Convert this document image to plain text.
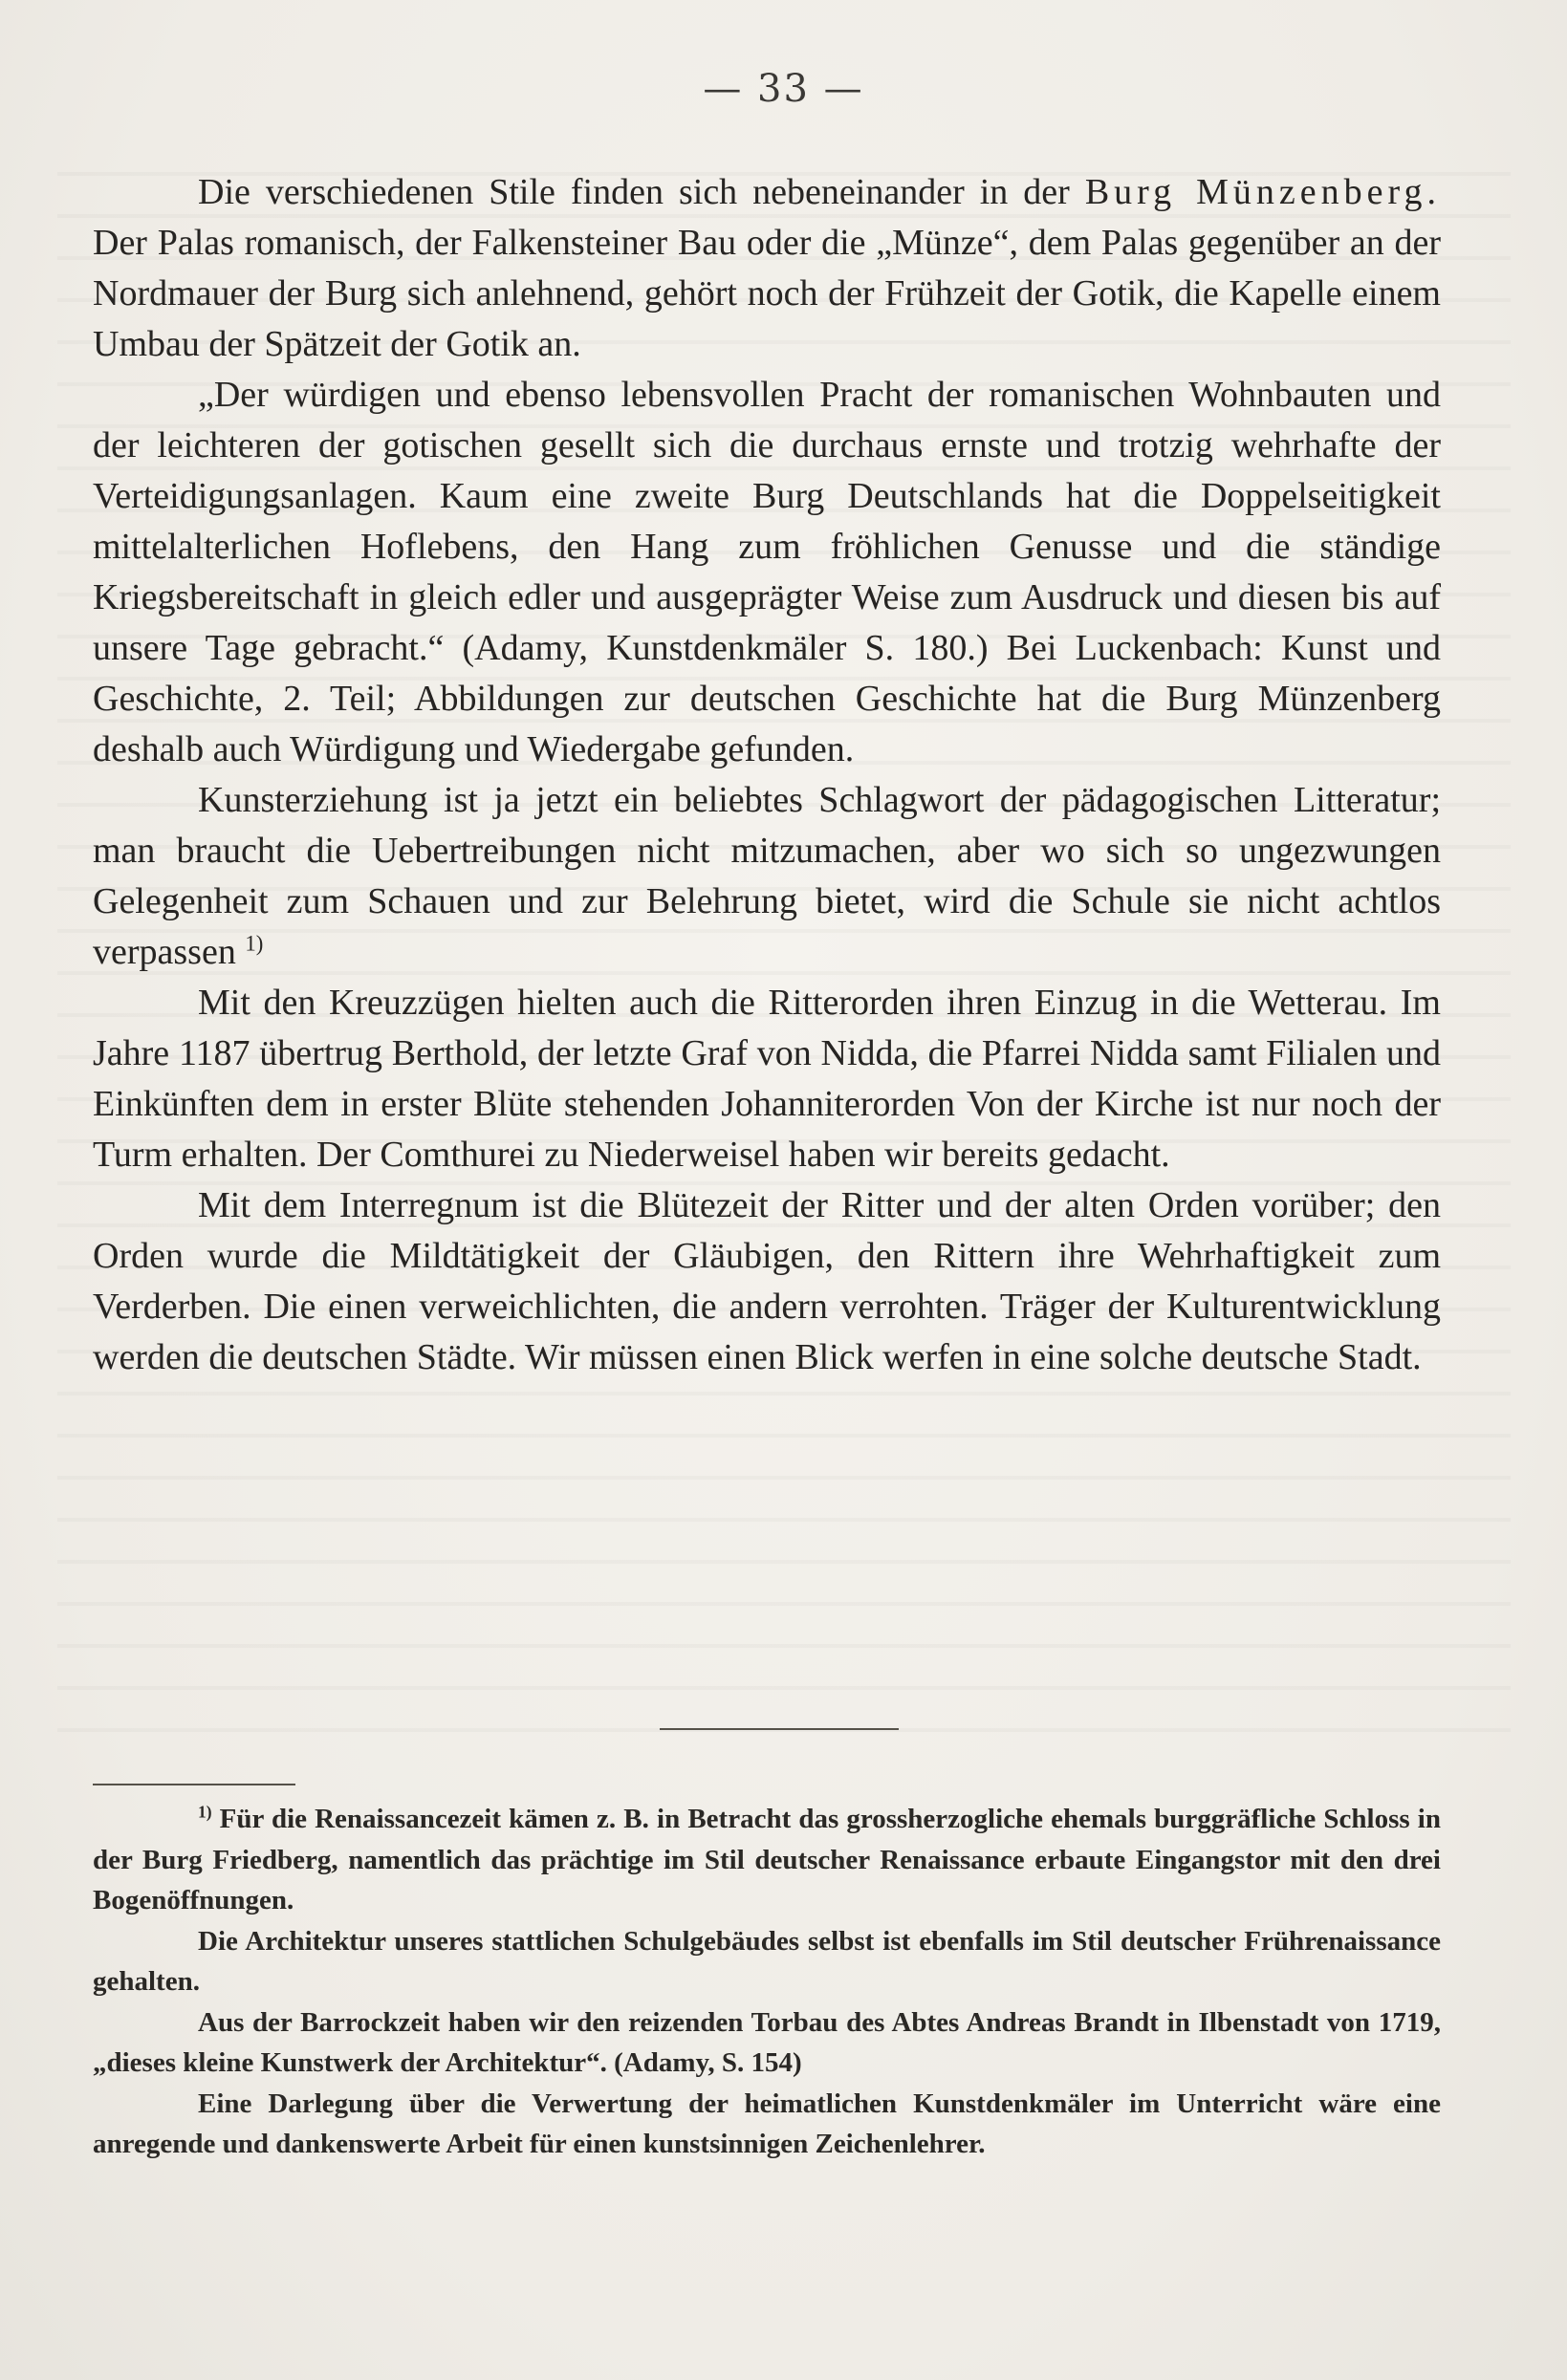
— 33 —

Die verschiedenen Stile finden sich nebeneinander in der Burg Münzenberg. Der Palas romanisch, der Falkensteiner Bau oder die „Münze“, dem Palas gegenüber an der Nordmauer der Burg sich anlehnend, gehört noch der Frühzeit der Gotik, die Kapelle einem Umbau der Spätzeit der Gotik an.

„Der würdigen und ebenso lebensvollen Pracht der romanischen Wohnbauten und der leichteren der gotischen gesellt sich die durchaus ernste und trotzig wehrhafte der Verteidigungsanlagen. Kaum eine zweite Burg Deutschlands hat die Doppelseitigkeit mittelalterlichen Hoflebens, den Hang zum fröhlichen Genusse und die ständige Kriegsbereitschaft in gleich edler und ausgeprägter Weise zum Ausdruck und diesen bis auf unsere Tage gebracht.“ (Adamy, Kunstdenkmäler S. 180.) Bei Luckenbach: Kunst und Geschichte, 2. Teil; Abbildungen zur deutschen Geschichte hat die Burg Münzenberg deshalb auch Würdigung und Wiedergabe gefunden.

Kunsterziehung ist ja jetzt ein beliebtes Schlagwort der pädagogischen Litteratur; man braucht die Uebertreibungen nicht mitzumachen, aber wo sich so ungezwungen Gelegenheit zum Schauen und zur Belehrung bietet, wird die Schule sie nicht achtlos verpassen $^{1)}$

Mit den Kreuzzügen hielten auch die Ritterorden ihren Einzug in die Wetterau. Im Jahre 1187 übertrug Berthold, der letzte Graf von Nidda, die Pfarrei Nidda samt Filialen und Einkünften dem in erster Blüte stehenden Johanniterorden Von der Kirche ist nur noch der Turm erhalten. Der Comthurei zu Niederweisel haben wir bereits gedacht.

Mit dem Interregnum ist die Blütezeit der Ritter und der alten Orden vorüber; den Orden wurde die Mildtätigkeit der Gläubigen, den Rittern ihre Wehrhaftigkeit zum Verderben. Die einen verweichlichten, die andern verrohten. Träger der Kulturentwicklung werden die deutschen Städte. Wir müssen einen Blick werfen in eine solche deutsche Stadt.

$^{1)}$ Für die Renaissancezeit kämen z. B. in Betracht das grossherzogliche ehemals burggräfliche Schloss in der Burg Friedberg, namentlich das prächtige im Stil deutscher Renaissance erbaute Eingangstor mit den drei Bogenöffnungen.

Die Architektur unseres stattlichen Schulgebäudes selbst ist ebenfalls im Stil deutscher Frührenaissance gehalten.

Aus der Barrockzeit haben wir den reizenden Torbau des Abtes Andreas Brandt in Ilbenstadt von 1719, „dieses kleine Kunstwerk der Architektur“. (Adamy, S. 154)

Eine Darlegung über die Verwertung der heimatlichen Kunstdenkmäler im Unterricht wäre eine anregende und dankenswerte Arbeit für einen kunstsinnigen Zeichenlehrer.
